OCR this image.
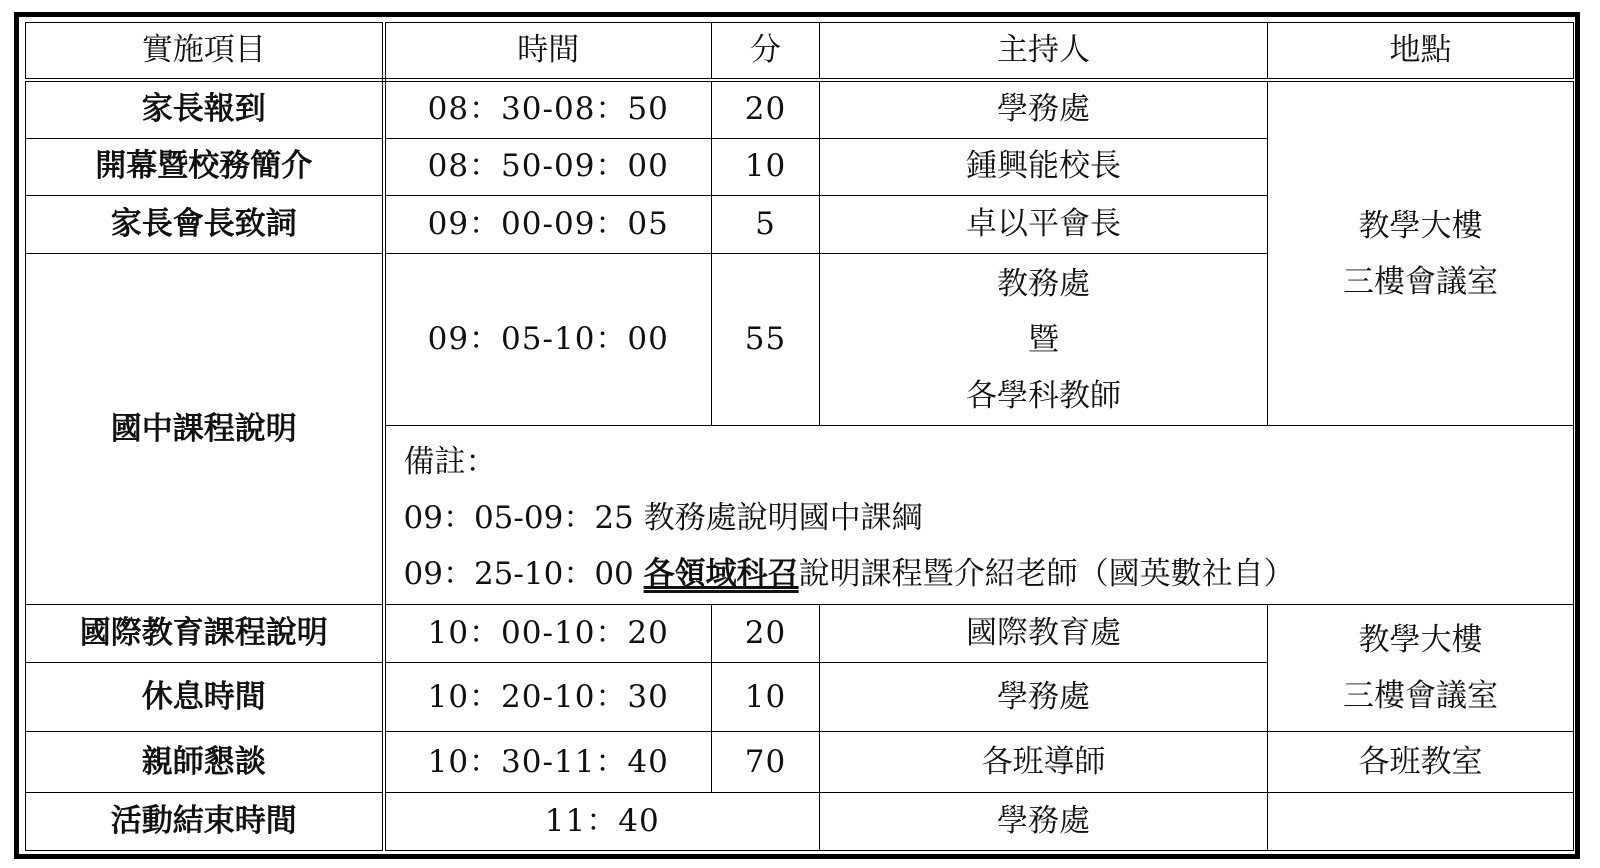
實施項目	時間	分	主持人	地點
家長報到	08：30-08：50	20	學務處	教學大樓
三樓會議室

開幕暨校務簡介	08：50-09：00	10	鍾興能校長	
家長會長致詞	09：00-09：05	5	卓以平會長	
國中課程說明	09：05-10：00	55	教務處
暨
各學科教師	

	備註：
09：05-09：25 教務處說明國中課綱
09：25-10：00 各領域科召說明課程暨介紹老師（國英數社自）			

國際教育課程說明	10：00-10：20	20	國際教育處	教學大樓
三樓會議室

休息時間	10：20-10：30	10	學務處	
親師懇談	10：30-11：40	70	各班導師	各班教室
活動結束時間	11：40		學務處	
